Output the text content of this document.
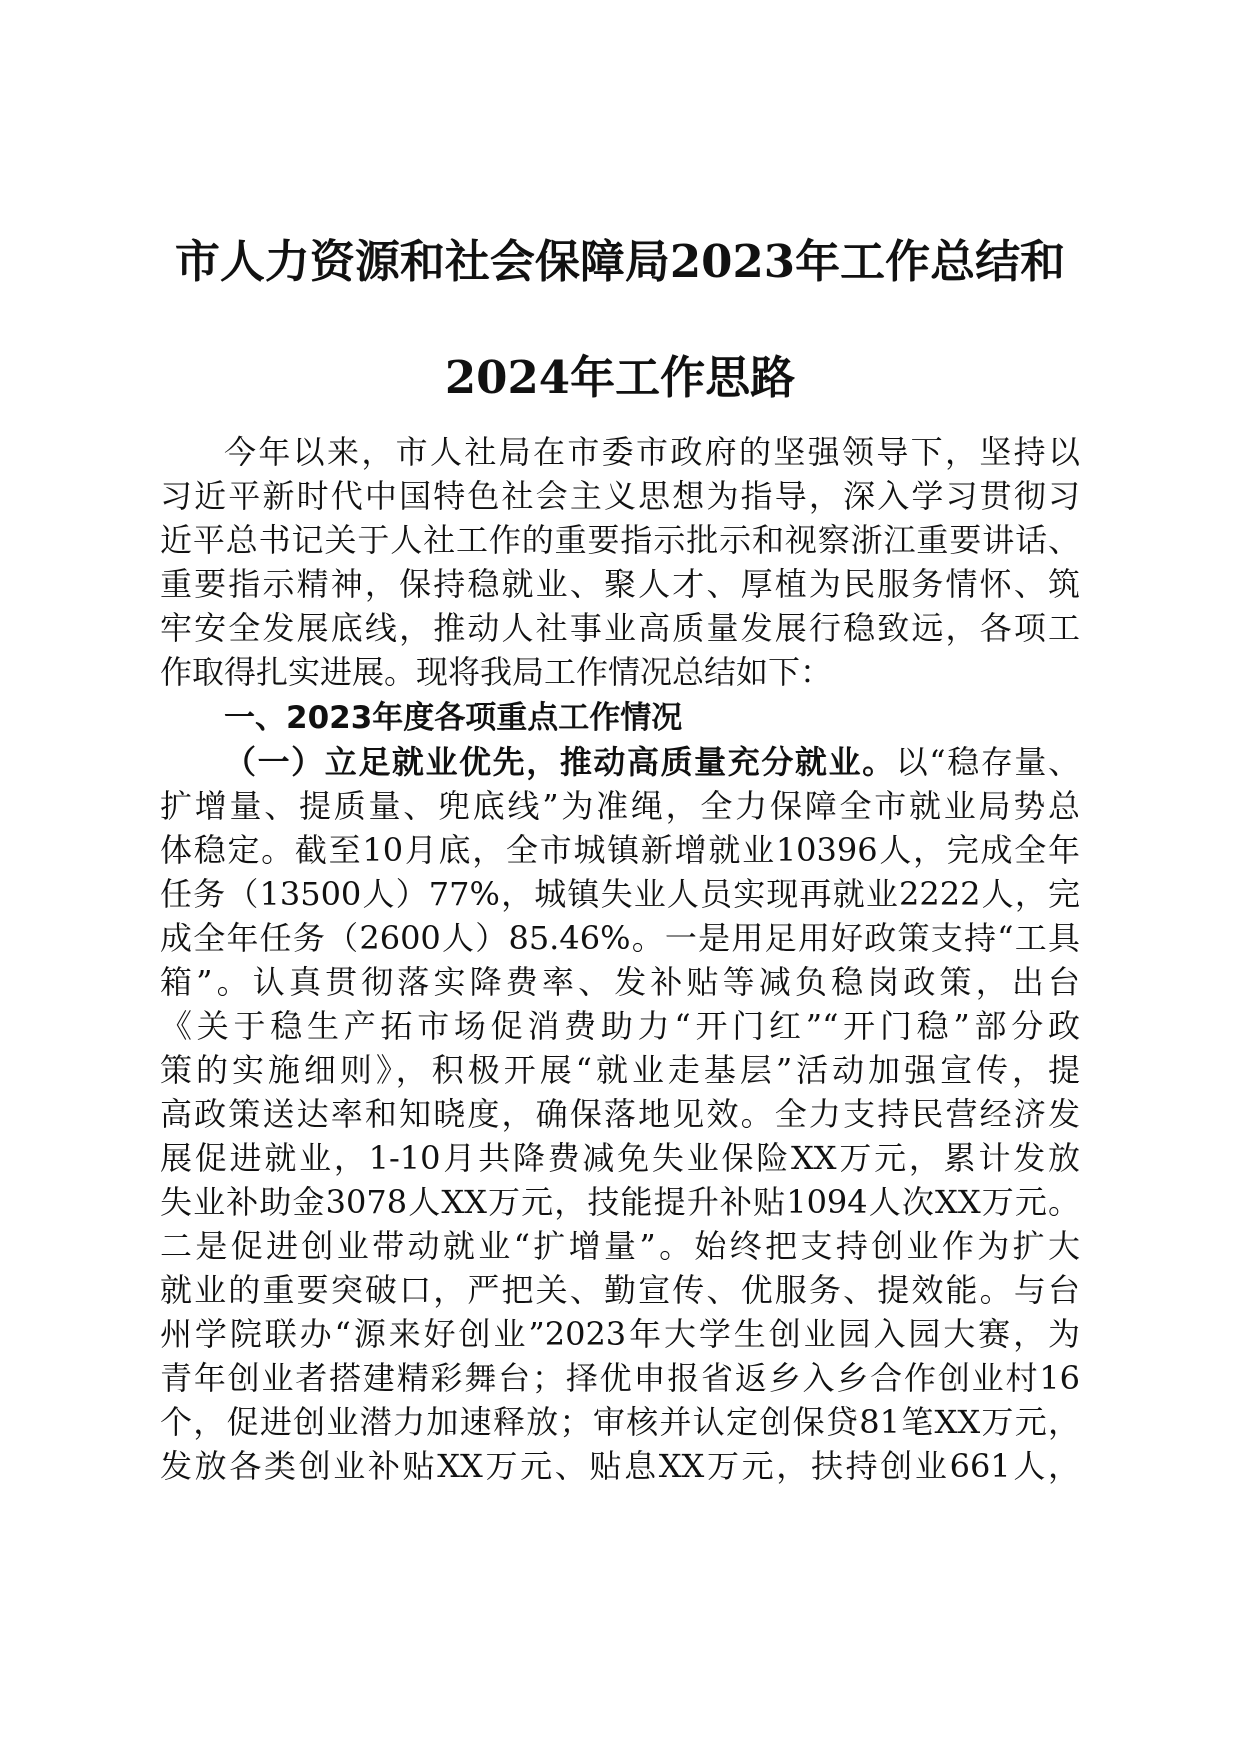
市人力资源和社会保障局2023年工作总结和
2024年工作思路
今年以来，市人社局在市委市政府的坚强领导下，坚持以
习近平新时代中国特色社会主义思想为指导，深入学习贯彻习
近平总书记关于人社工作的重要指示批示和视察浙江重要讲话、
重要指示精神，保持稳就业、聚人才、厚植为民服务情怀、筑
牢安全发展底线，推动人社事业高质量发展行稳致远，各项工
作取得扎实进展。现将我局工作情况总结如下：
一、2023年度各项重点工作情况
（一）立足就业优先，推动高质量充分就业。以“稳存量、
扩增量、提质量、兜底线”为准绳，全力保障全市就业局势总
体稳定。截至10月底，全市城镇新增就业10396人，完成全年
任务（13500人）77%，城镇失业人员实现再就业2222人，完
成全年任务（2600人）85.46%。一是用足用好政策支持“工具
箱”。认真贯彻落实降费率、发补贴等减负稳岗政策，出台
《关于稳生产拓市场促消费助力“开门红”“开门稳”部分政
策的实施细则》，积极开展“就业走基层”活动加强宣传，提
高政策送达率和知晓度，确保落地见效。全力支持民营经济发
展促进就业，1-10月共降费减免失业保险XX万元，累计发放
失业补助金3078人XX万元，技能提升补贴1094人次XX万元。
二是促进创业带动就业“扩增量”。始终把支持创业作为扩大
就业的重要突破口，严把关、勤宣传、优服务、提效能。与台
州学院联办“源来好创业”2023年大学生创业园入园大赛，为
青年创业者搭建精彩舞台；择优申报省返乡入乡合作创业村16
个，促进创业潜力加速释放；审核并认定创保贷81笔XX万元，
发放各类创业补贴XX万元、贴息XX万元，扶持创业661人，
